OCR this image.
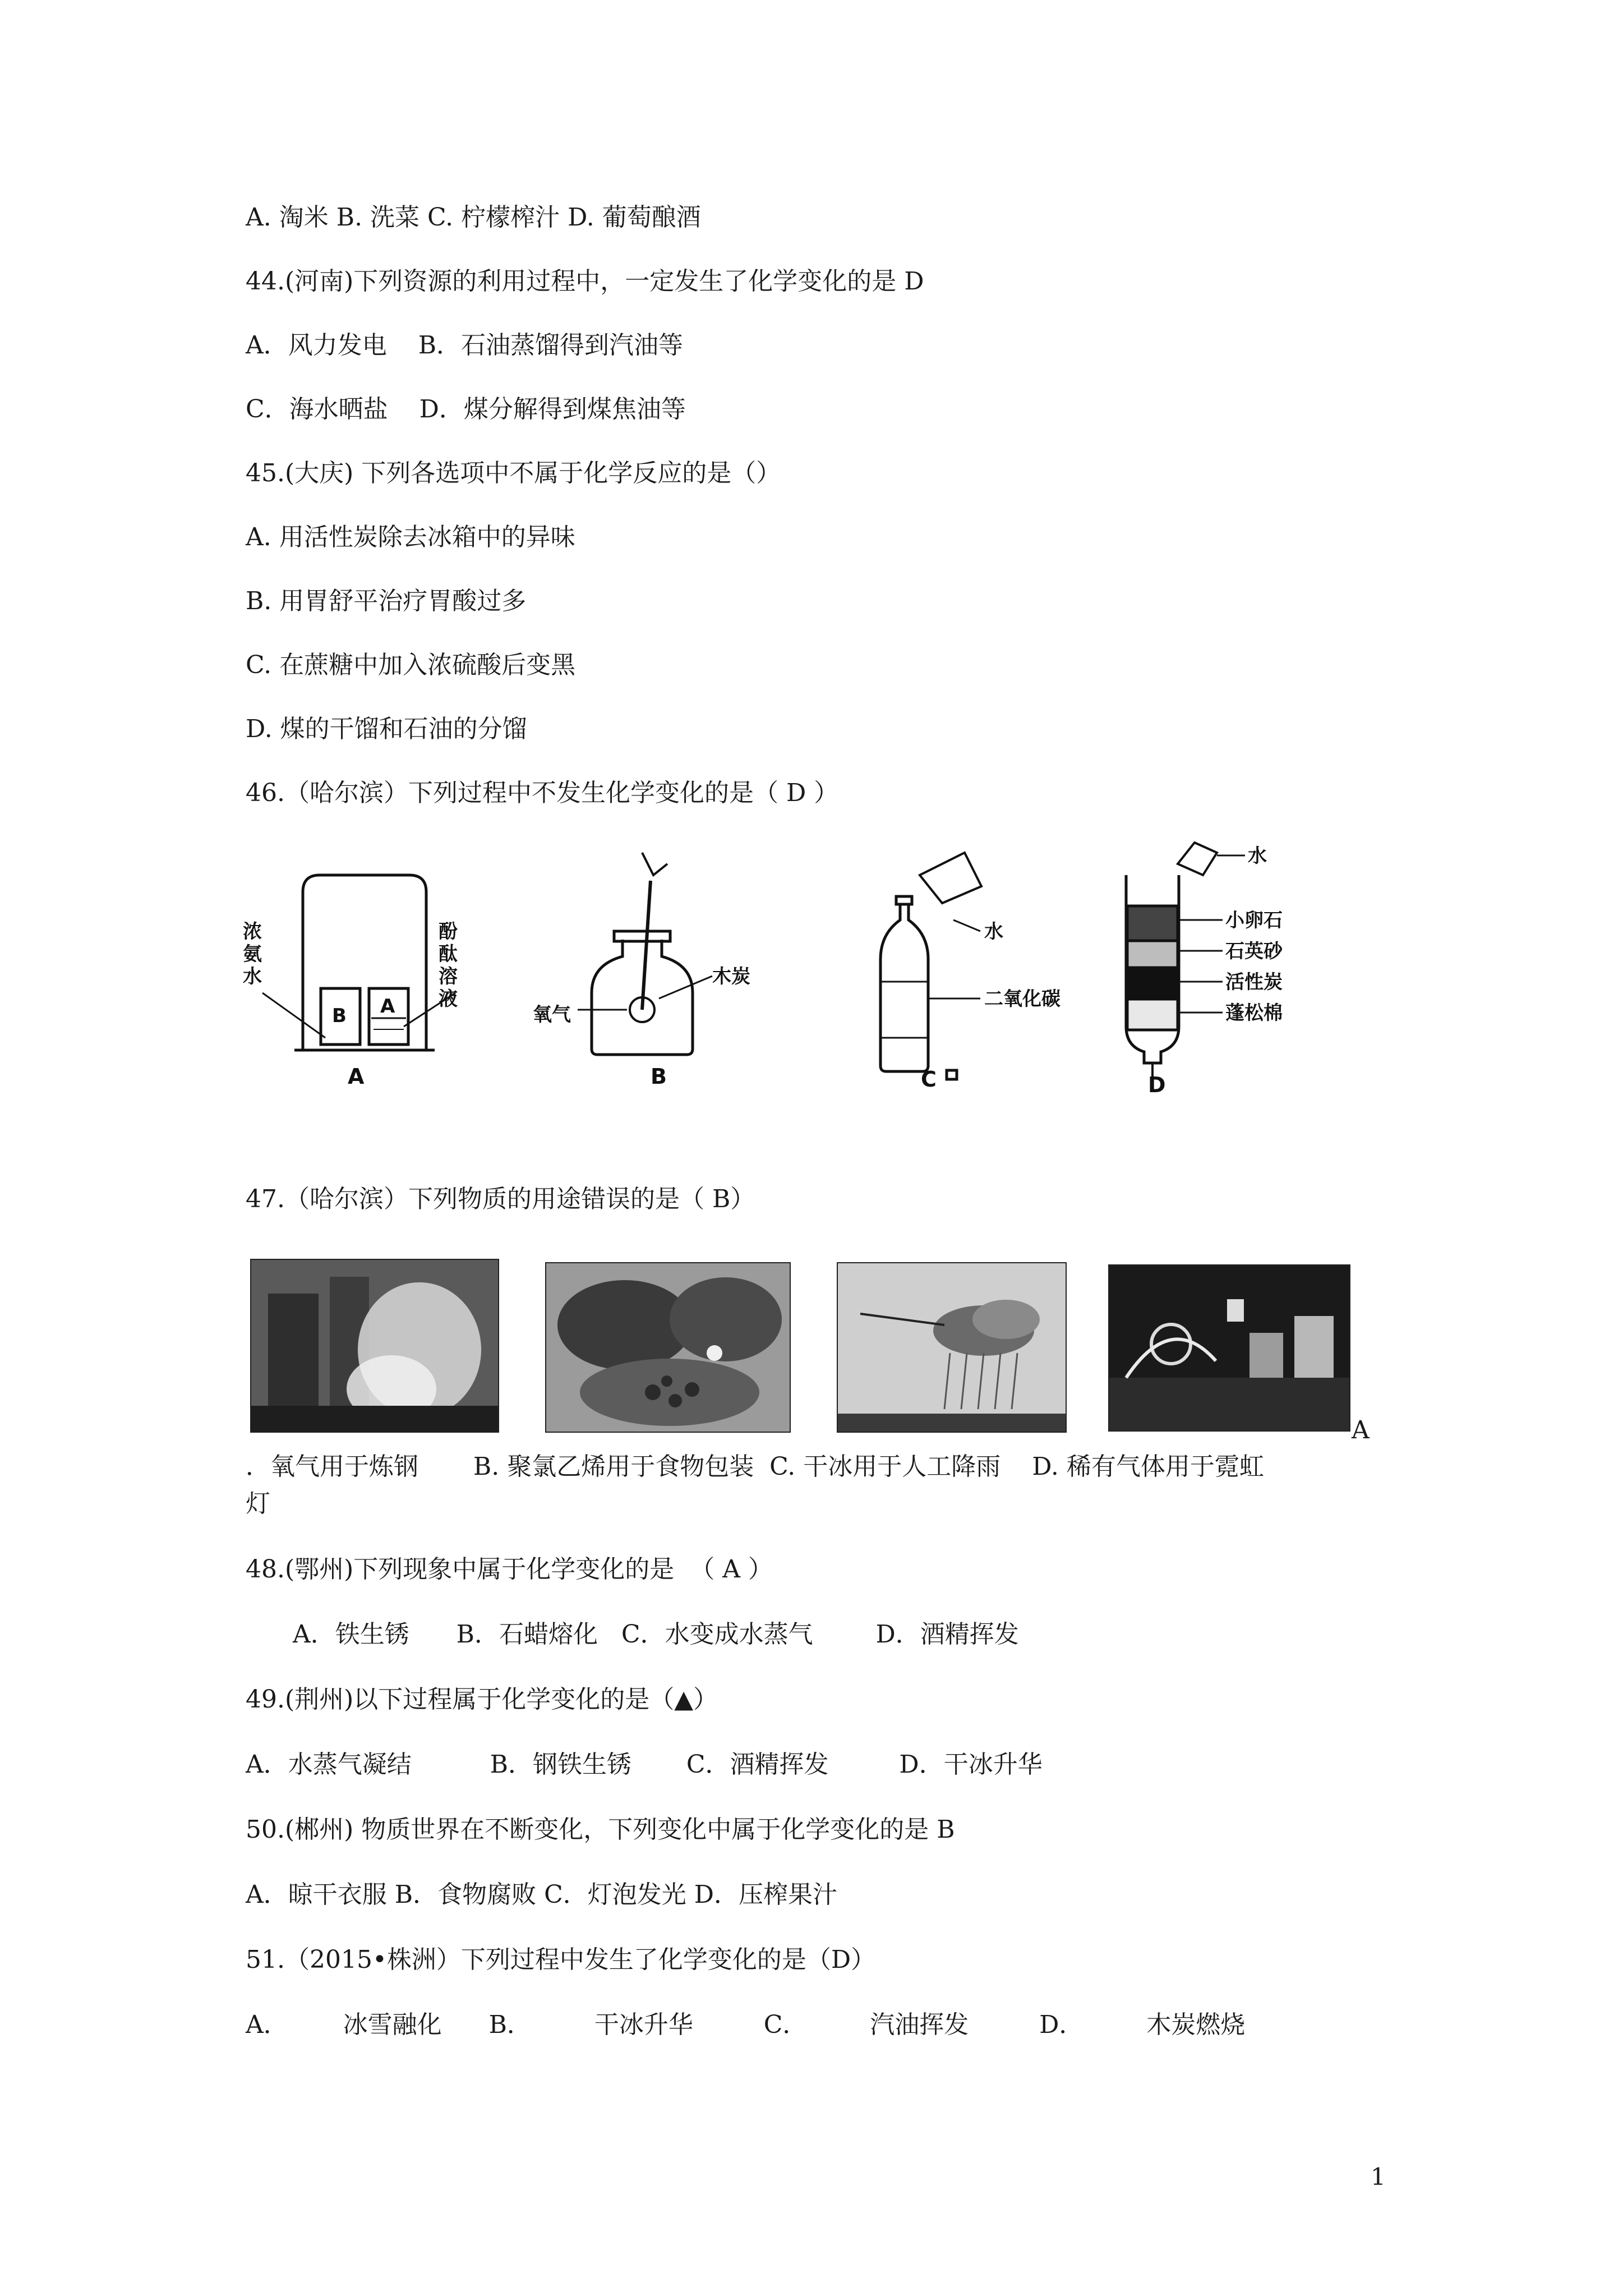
A. 淘米 B. 洗菜 C. 柠檬榨汁 D. 葡萄酿酒
44.(河南)下列资源的利用过程中，一定发生了化学变化的是 D
A．风力发电    B．石油蒸馏得到汽油等
C．海水晒盐    D．煤分解得到煤焦油等
45.(大庆) 下列各选项中不属于化学反应的是（）
A. 用活性炭除去冰箱中的异味
B. 用胃舒平治疗胃酸过多
C. 在蔗糖中加入浓硫酸后变黑
D. 煤的干馏和石油的分馏
46.（哈尔滨）下列过程中不发生化学变化的是（ D ）
浓
氨
水
酚
酞
溶
液
B A
A
氧气
木炭
B
水
二氧化碳
C
水
小卵石
石英砂
活性炭
蓬松棉
D
47.（哈尔滨）下列物质的用途错误的是（ B）
A
．氧气用于炼钢       B. 聚氯乙烯用于食物包装  C. 干冰用于人工降雨    D. 稀有气体用于霓虹
灯
48.(鄂州)下列现象中属于化学变化的是  （ A ）
A．铁生锈      B．石蜡熔化   C．水变成水蒸气        D．酒精挥发
49.(荆州)以下过程属于化学变化的是（▲）
A．水蒸气凝结          B．钢铁生锈       C．酒精挥发         D．干冰升华
50.(郴州) 物质世界在不断变化，下列变化中属于化学变化的是 B
A．晾干衣服 B．食物腐败 C．灯泡发光 D．压榨果汁
51.（2015•株洲）下列过程中发生了化学变化的是（D）
A．       冰雪融化      B．        干冰升华         C．        汽油挥发         D．        木炭燃烧
1
